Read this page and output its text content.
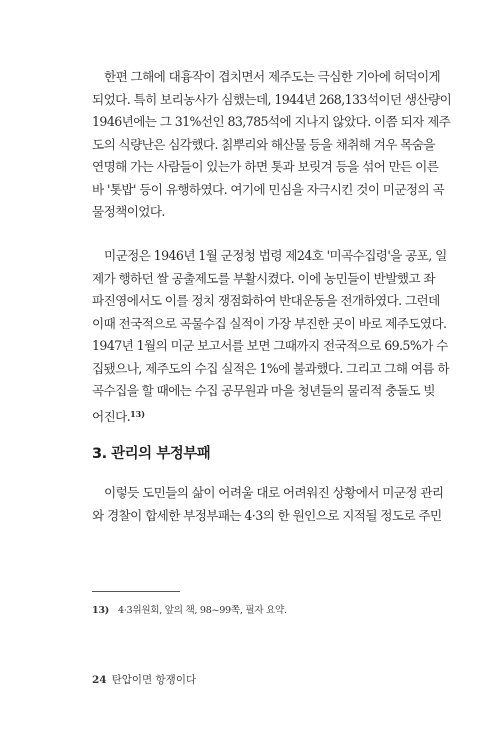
한편 그해에 대흉작이 겹치면서 제주도는 극심한 기아에 허덕이게
되었다. 특히 보리농사가 심했는데, 1944년 268,133석이던 생산량이
1946년에는 그 31%선인 83,785석에 지나지 않았다. 이쯤 되자 제주
도의 식량난은 심각했다. 칡뿌리와 해산물 등을 채취해 겨우 목숨을
연명해 가는 사람들이 있는가 하면 톳과 보릿겨 등을 섞어 만든 이른
바 '톳밥' 등이 유행하였다. 여기에 민심을 자극시킨 것이 미군정의 곡
물정책이었다.
미군정은 1946년 1월 군정청 법령 제24호 '미곡수집령'을 공포, 일
제가 행하던 쌀 공출제도를 부활시켰다. 이에 농민들이 반발했고 좌
파진영에서도 이를 정치 쟁점화하여 반대운동을 전개하였다. 그런데
이때 전국적으로 곡물수집 실적이 가장 부진한 곳이 바로 제주도였다.
1947년 1월의 미군 보고서를 보면 그때까지 전국적으로 69.5%가 수
집됐으나, 제주도의 수집 실적은 1%에 불과했다. 그리고 그해 여름 하
곡수집을 할 때에는 수집 공무원과 마을 청년들의 물리적 충돌도 빚
어진다.$^{13)}$
3. 관리의 부정부패
이렇듯 도민들의 삶이 어려울 대로 어려워진 상황에서 미군정 관리
와 경찰이 합세한 부정부패는 4·3의 한 원인으로 지적될 정도로 주민
13) 4·3위원회, 앞의 책, 98~99쪽, 필자 요약.
24 탄압이면 항쟁이다
